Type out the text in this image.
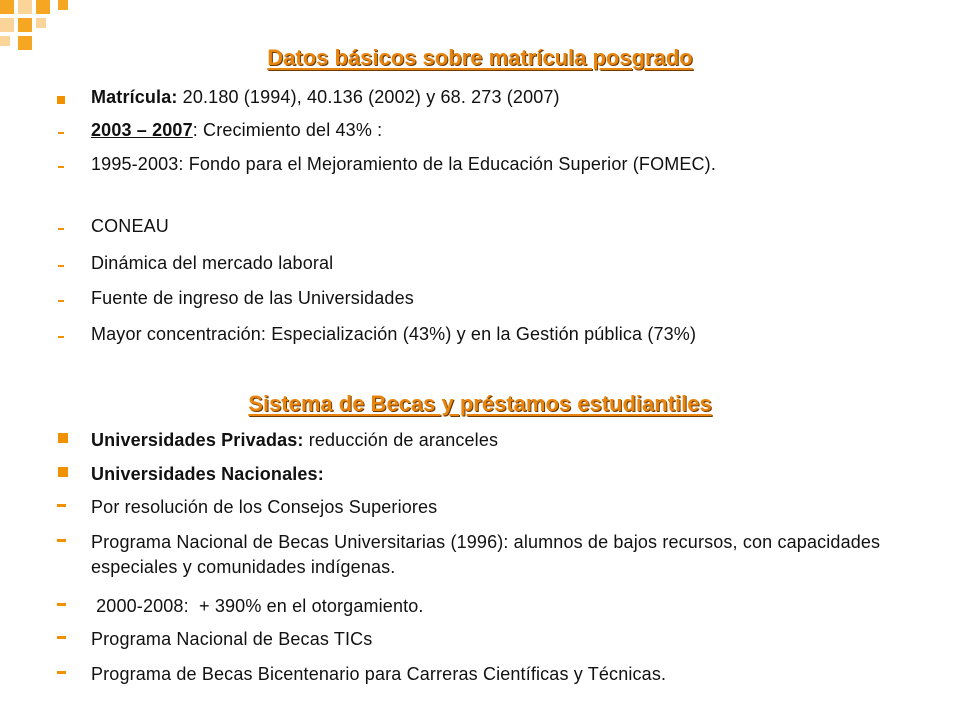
Datos básicos sobre matrícula posgrado
Matrícula: 20.180 (1994), 40.136 (2002) y 68. 273 (2007)
2003 – 2007: Crecimiento del 43% :
1995-2003: Fondo para el Mejoramiento de la Educación Superior (FOMEC).
CONEAU
Dinámica del mercado laboral
Fuente de ingreso de las Universidades
Mayor concentración: Especialización (43%) y en la Gestión pública (73%)
Sistema de Becas y préstamos estudiantiles
Universidades Privadas: reducción de aranceles
Universidades Nacionales:
Por resolución de los Consejos Superiores
Programa Nacional de Becas Universitarias (1996): alumnos de bajos recursos, con capacidades especiales y comunidades indígenas.
2000-2008:  + 390% en el otorgamiento.
Programa Nacional de Becas TICs
Programa de Becas Bicentenario para Carreras Científicas y Técnicas.
